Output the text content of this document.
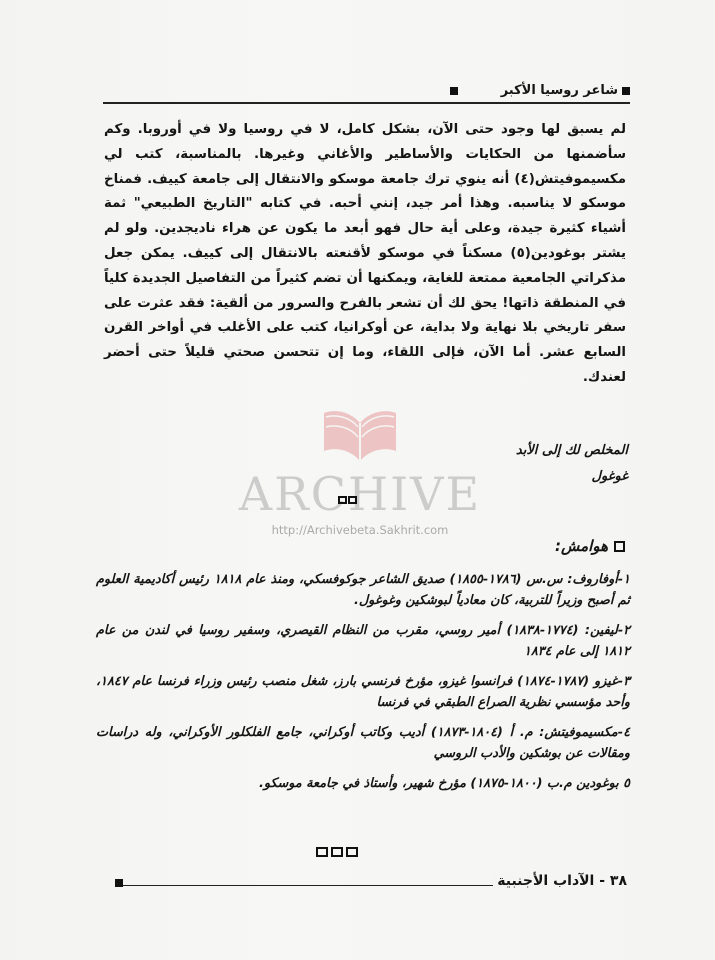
شاعر روسيا الأكبر

لم يسبق لها وجود حتى الآن، بشكل كامل، لا في روسيا ولا في أوروبا. وكم سأضمنها من الحكايات والأساطير والأغاني وغيرها. بالمناسبة، كتب لي مكسيموفيتش(٤) أنه ينوي ترك جامعة موسكو والانتقال إلى جامعة كييف. فمناخ موسكو لا يناسبه. وهذا أمر جيد، إنني أحبه. في كتابه "التاريخ الطبيعي" ثمة أشياء كثيرة جيدة، وعلى أية حال فهو أبعد ما يكون عن هراء ناديجدين. ولو لم يشتر بوغودين(٥) مسكناً في موسكو لأقنعته بالانتقال إلى كييف. يمكن جعل مذكراتي الجامعية ممتعة للغاية، ويمكنها أن تضم كثيراً من التفاصيل الجديدة كلياً في المنطقة ذاتها! يحق لك أن تشعر بالفرح والسرور من ألقية: فقد عثرت على سفر تاريخي بلا نهاية ولا بداية، عن أوكرانيا، كتب على الأغلب في أواخر القرن السابع عشر. أما الآن، فإلى اللقاء، وما إن تتحسن صحتي قليلاً حتى أحضر لعندك.

المخلص لك إلى الأبد
غوغول
ARCHIVE
http://Archivebeta.Sakhrit.com
هوامش:

١-أوفاروف: س.س (١٧٨٦-١٨٥٥) صديق الشاعر جوكوفسكي، ومنذ عام ١٨١٨ رئيس أكاديمية العلوم ثم أصبح وزيراً للتربية، كان معادياً لبوشكين وغوغول.

٢-ليفين: (١٧٧٤-١٨٣٨) أمير روسي، مقرب من النظام القيصري، وسفير روسيا في لندن من عام ١٨١٢ إلى عام ١٨٣٤

٣-غيزو (١٧٨٧-١٨٧٤) فرانسوا غيزو، مؤرخ فرنسي بارز، شغل منصب رئيس وزراء فرنسا عام ١٨٤٧، وأحد مؤسسي نظرية الصراع الطبقي في فرنسا

٤-مكسيموفيتش: م. أ (١٨٠٤-١٨٧٣) أديب وكاتب أوكراني، جامع الفلكلور الأوكراني، وله دراسات ومقالات عن بوشكين والأدب الروسي

٥ بوغودين م.ب (١٨٠٠-١٨٧٥) مؤرخ شهير، وأستاذ في جامعة موسكو.

٣٨ - الآداب الأجنبية
